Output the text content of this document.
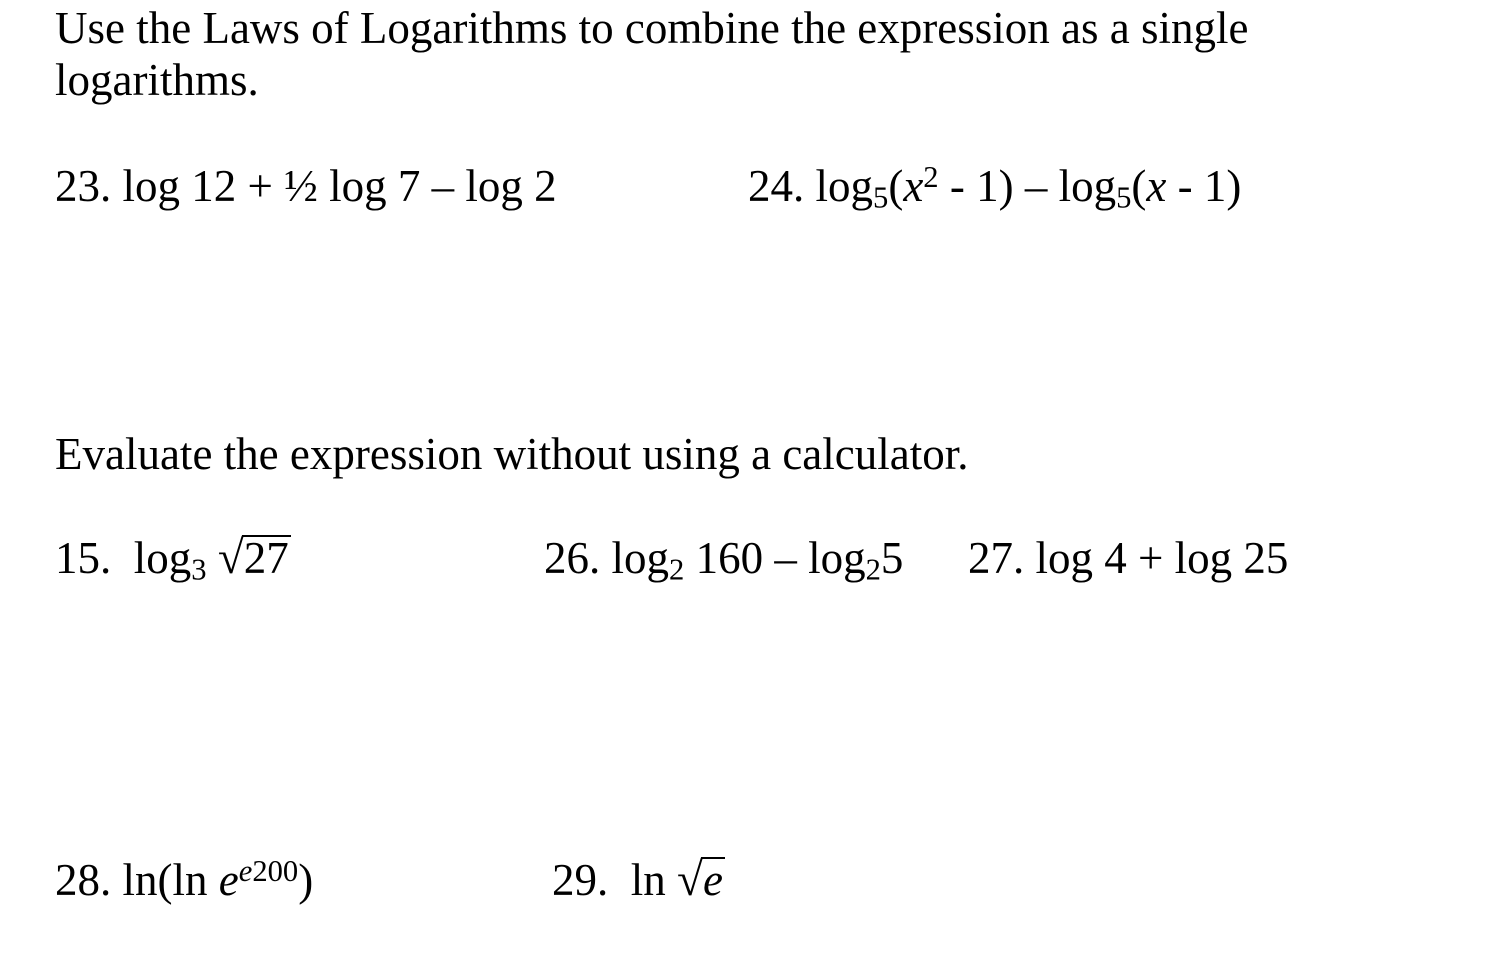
Use the Laws of Logarithms to combine the expression as a single

logarithms.

23. log 12 + ½ log 7 – log 2	24. $\log_5(x^2 - 1) - \log_5(x - 1)$

Evaluate the expression without using a calculator.

15. $\log_3 √27$	26. $\log_2 160 - \log_25$ 27. log 4 + log 25
28. ln(ln $e^{e200}$)	29. ln √e
